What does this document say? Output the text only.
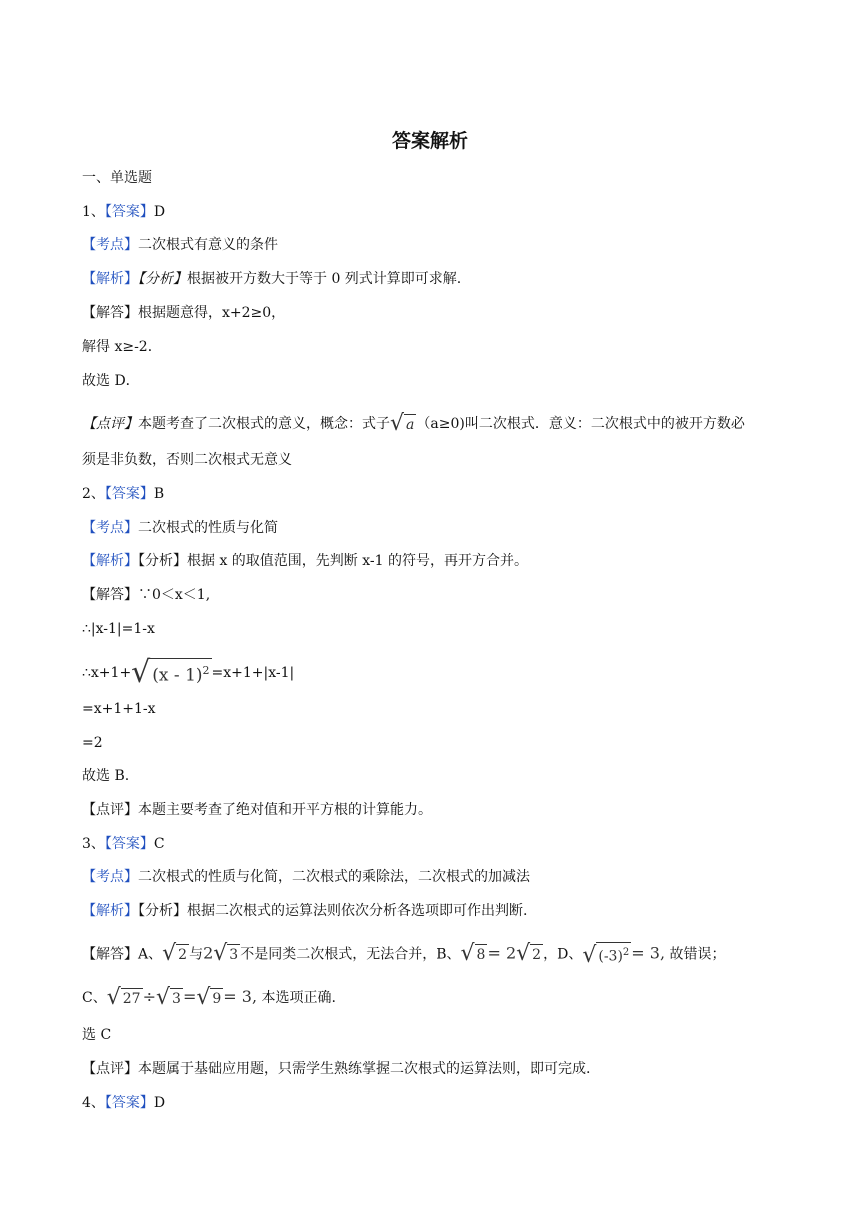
答案解析
一、单选题
1、【答案】D
【考点】二次根式有意义的条件
【解析】【分析】根据被开方数大于等于 0 列式计算即可求解.
【解答】根据题意得，x+2≥0，
解得 x≥-2．
故选 D．
【点评】本题考查了二次根式的意义，概念：式子 √ a （a≥0)叫二次根式．意义：二次根式中的被开方数必
须是非负数，否则二次根式无意义
2、【答案】B
【考点】二次根式的性质与化简
【解析】【分析】根据 x 的取值范围，先判断 x-1 的符号，再开方合并。
【解答】∵0＜x＜1,
∴|x-1|=1-x
∴x+1+ √ (x - 1)$^2$ =x+1+|x-1|
=x+1+1-x
=2
故选 B.
【点评】本题主要考查了绝对值和开平方根的计算能力。
3、【答案】C
【考点】二次根式的性质与化简，二次根式的乘除法，二次根式的加减法
【解析】【分析】根据二次根式的运算法则依次分析各选项即可作出判断.
【解答】A、 √ 2 与2 √ 3 不是同类二次根式，无法合并，B、 √ 8 = 2 √ 2 ，D、 √ $(-3)^2 = 3$, 故错误；
C、 √ 27 ÷ √ 3 = √ 9 = 3, 本选项正确.
选 C
【点评】本题属于基础应用题，只需学生熟练掌握二次根式的运算法则，即可完成.
4、【答案】D
